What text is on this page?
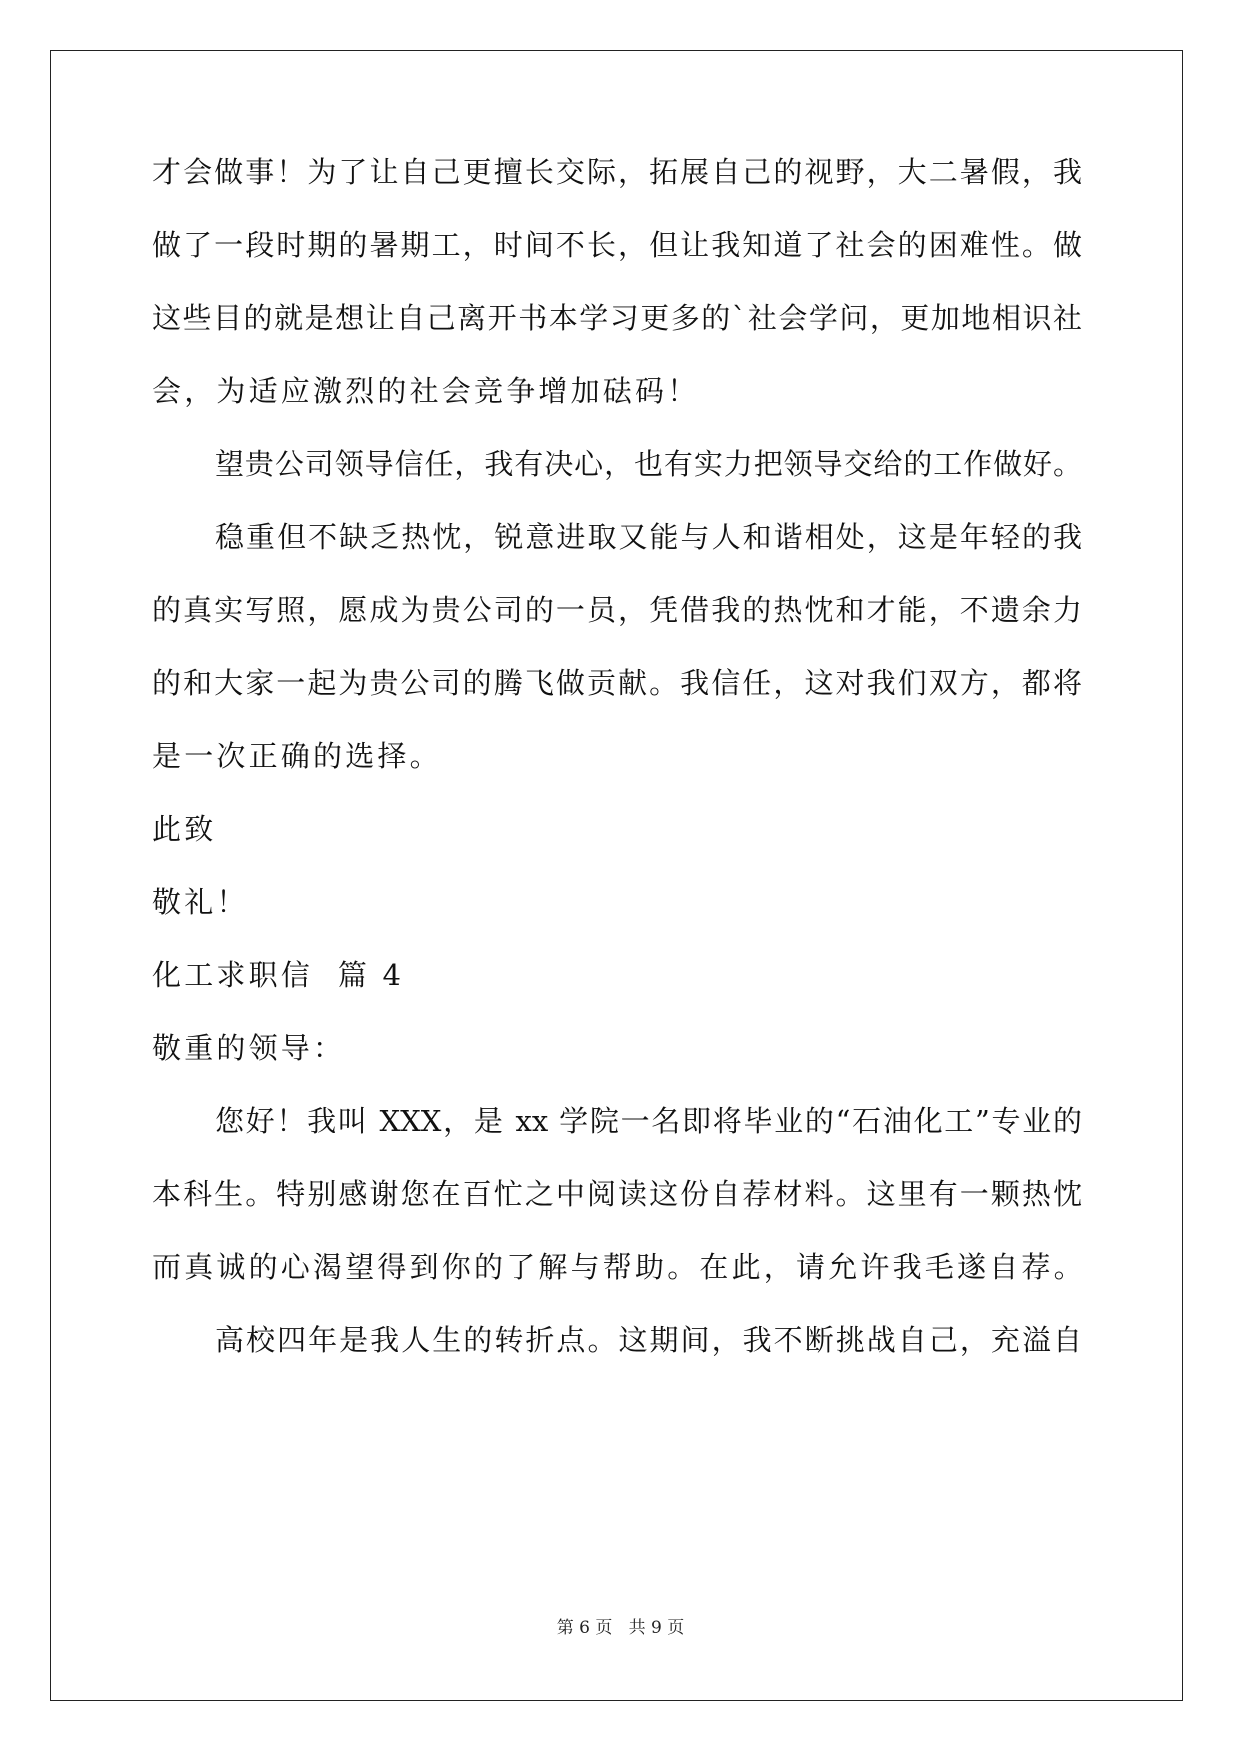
才会做事！为了让自己更擅长交际，拓展自己的视野，大二暑假，我
做了一段时期的暑期工，时间不长，但让我知道了社会的困难性。做
这些目的就是想让自己离开书本学习更多的`社会学问，更加地相识社
会，为适应激烈的社会竞争增加砝码！
望贵公司领导信任，我有决心，也有实力把领导交给的工作做好。
稳重但不缺乏热忱，锐意进取又能与人和谐相处，这是年轻的我
的真实写照，愿成为贵公司的一员，凭借我的热忱和才能，不遗余力
的和大家一起为贵公司的腾飞做贡献。我信任，这对我们双方，都将
是一次正确的选择。
此致
敬礼！
化工求职信  篇 4
敬重的领导：
您好！我叫 XXX，是 xx 学院一名即将毕业的“石油化工”专业的
本科生。特别感谢您在百忙之中阅读这份自荐材料。这里有一颗热忱
而真诚的心渴望得到你的了解与帮助。在此，请允许我毛遂自荐。
高校四年是我人生的转折点。这期间，我不断挑战自己，充溢自
第 6 页   共 9 页
